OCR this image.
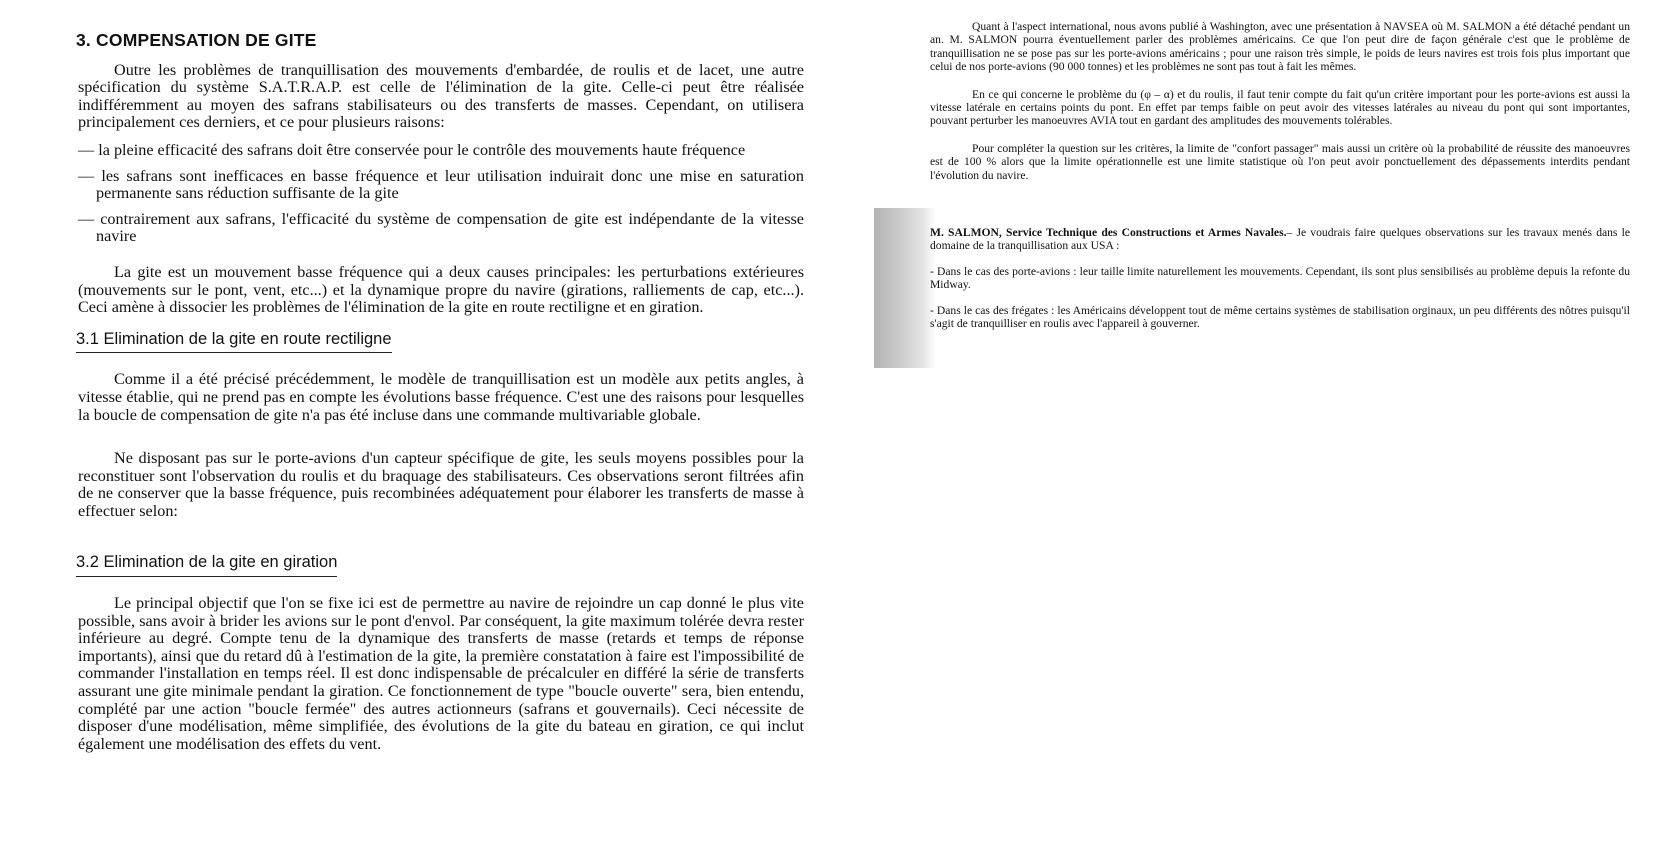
3. COMPENSATION DE GITE

Outre les problèmes de tranquillisation des mouvements d'embardée, de roulis et de lacet, une autre spécification du système S.A.T.R.A.P. est celle de l'élimination de la gite. Celle-ci peut être réalisée indifféremment au moyen des safrans stabilisateurs ou des transferts de masses. Cependant, on utilisera principalement ces derniers, et ce pour plusieurs raisons:

— la pleine efficacité des safrans doit être conservée pour le contrôle des mouvements haute fréquence

— les safrans sont inefficaces en basse fréquence et leur utilisation induirait donc une mise en saturation permanente sans réduction suffisante de la gite

— contrairement aux safrans, l'efficacité du système de compensation de gite est indépendante de la vitesse navire

La gite est un mouvement basse fréquence qui a deux causes principales: les perturbations extérieures (mouvements sur le pont, vent, etc...) et la dynamique propre du navire (girations, ralliements de cap, etc...). Ceci amène à dissocier les problèmes de l'élimination de la gite en route rectiligne et en giration.

3.1 Elimination de la gite en route rectiligne

Comme il a été précisé précédemment, le modèle de tranquillisation est un modèle aux petits angles, à vitesse établie, qui ne prend pas en compte les évolutions basse fréquence. C'est une des raisons pour lesquelles la boucle de compensation de gite n'a pas été incluse dans une commande multivariable globale.

Ne disposant pas sur le porte-avions d'un capteur spécifique de gite, les seuls moyens possibles pour la reconstituer sont l'observation du roulis et du braquage des stabilisateurs. Ces observations seront filtrées afin de ne conserver que la basse fréquence, puis recombinées adéquatement pour élaborer les transferts de masse à effectuer selon:

3.2 Elimination de la gite en giration

Le principal objectif que l'on se fixe ici est de permettre au navire de rejoindre un cap donné le plus vite possible, sans avoir à brider les avions sur le pont d'envol. Par conséquent, la gite maximum tolérée devra rester inférieure au degré. Compte tenu de la dynamique des transferts de masse (retards et temps de réponse importants), ainsi que du retard dû à l'estimation de la gite, la première constatation à faire est l'impossibilité de commander l'installation en temps réel. Il est donc indispensable de précalculer en différé la série de transferts assurant une gite minimale pendant la giration. Ce fonctionnement de type "boucle ouverte" sera, bien entendu, complété par une action "boucle fermée" des autres actionneurs (safrans et gouvernails). Ceci nécessite de disposer d'une modélisation, même simplifiée, des évolutions de la gite du bateau en giration, ce qui inclut également une modélisation des effets du vent.

Quant à l'aspect international, nous avons publié à Washington, avec une présentation à NAVSEA où M. SALMON a été détaché pendant un an. M. SALMON pourra éventuellement parler des problèmes américains. Ce que l'on peut dire de façon générale c'est que le problème de tranquillisation ne se pose pas sur les porte-avions américains ; pour une raison très simple, le poids de leurs navires est trois fois plus important que celui de nos porte-avions (90 000 tonnes) et les problèmes ne sont pas tout à fait les mêmes.

En ce qui concerne le problème du (φ – α) et du roulis, il faut tenir compte du fait qu'un critère important pour les porte-avions est aussi la vitesse latérale en certains points du pont. En effet par temps faible on peut avoir des vitesses latérales au niveau du pont qui sont importantes, pouvant perturber les manoeuvres AVIA tout en gardant des amplitudes des mouvements tolérables.

Pour compléter la question sur les critères, la limite de "confort passager" mais aussi un critère où la probabilité de réussite des manoeuvres est de 100 % alors que la limite opérationnelle est une limite statistique où l'on peut avoir ponctuellement des dépassements interdits pendant l'évolution du navire.

M. SALMON, Service Technique des Constructions et Armes Navales.– Je voudrais faire quelques observations sur les travaux menés dans le domaine de la tranquillisation aux USA :

- Dans le cas des porte-avions : leur taille limite naturellement les mouvements. Cependant, ils sont plus sensibilisés au problème depuis la refonte du Midway.

- Dans le cas des frégates : les Américains développent tout de même certains systèmes de stabilisation orginaux, un peu différents des nôtres puisqu'il s'agit de tranquilliser en roulis avec l'appareil à gouverner.
